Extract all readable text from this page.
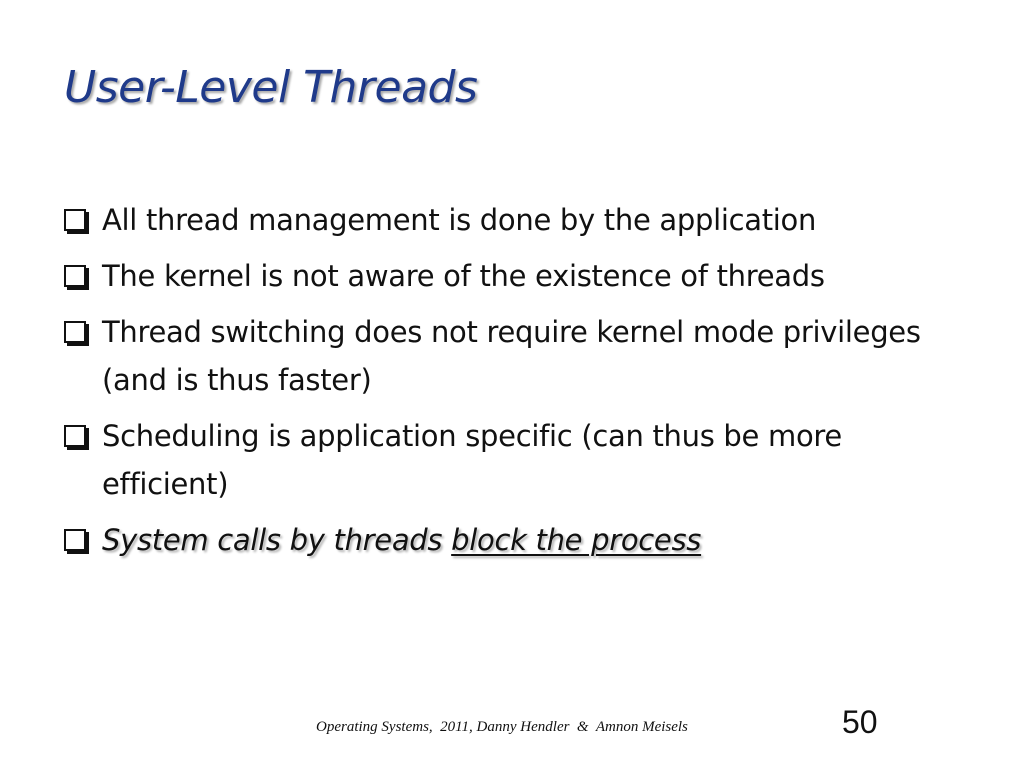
User-Level Threads
All thread management is done by the application
The kernel is not aware of the existence of threads
Thread switching does not require kernel mode privileges (and is thus faster)
Scheduling is application specific (can thus be more efficient)
System calls by threads block the process
Operating Systems,  2011, Danny Hendler  &  Amnon Meisels	50
